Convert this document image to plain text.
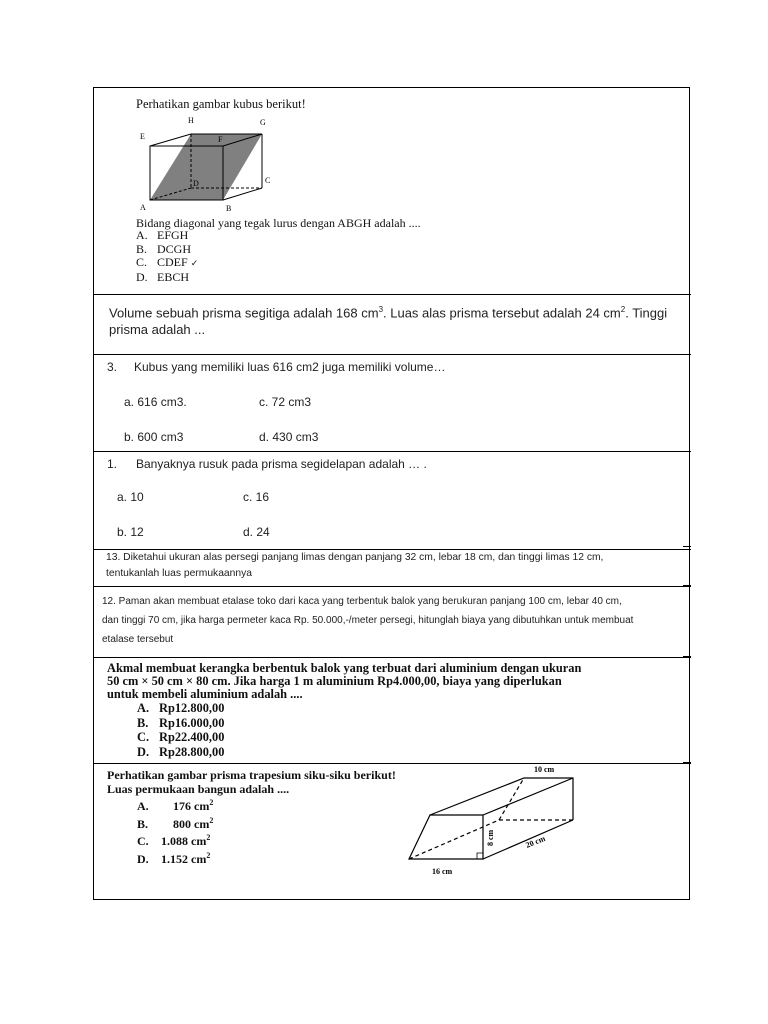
Perhatikan gambar kubus berikut!
H	G
E	F
D	C
A	B
Bidang diagonal yang tegak lurus dengan ABGH adalah ....
A. EFGH
B. DCGH
C. CDEF ✓
D. EBCH
Volume sebuah prisma segitiga adalah 168 $cm^3$. Luas alas prisma tersebut adalah 24 $cm^2$. Tinggi
prisma adalah ...
3. Kubus yang memiliki luas 616 cm2 juga memiliki volume…
a. 616 cm3.	c. 72 cm3
b. 600 cm3	d. 430 cm3
1. Banyaknya rusuk pada prisma segidelapan adalah … .
a. 10	c. 16
b. 12	d. 24
13. Diketahui ukuran alas persegi panjang limas dengan panjang 32 cm, lebar 18 cm, dan tinggi limas 12 cm,
tentukanlah luas permukaannya
12. Paman akan membuat etalase toko dari kaca yang terbentuk balok yang berukuran panjang 100 cm, lebar 40 cm,
dan tinggi 70 cm, jika harga permeter kaca Rp. 50.000,-/meter persegi, hitunglah biaya yang dibutuhkan untuk membuat
etalase tersebut
Akmal membuat kerangka berbentuk balok yang terbuat dari aluminium dengan ukuran
50 cm × 50 cm × 80 cm. Jika harga 1 m aluminium Rp4.000,00, biaya yang diperlukan
untuk membeli aluminium adalah ....
A. Rp12.800,00
B. Rp16.000,00
C. Rp22.400,00
D. Rp28.800,00
Perhatikan gambar prisma trapesium siku-siku berikut!
Luas permukaan bangun adalah ....
A. 176 $cm^2$
B. 800 $cm^2$
C. 1.088 $cm^2$
D. 1.152 $cm^2$
10 cm
8 cm	20 cm
16 cm
